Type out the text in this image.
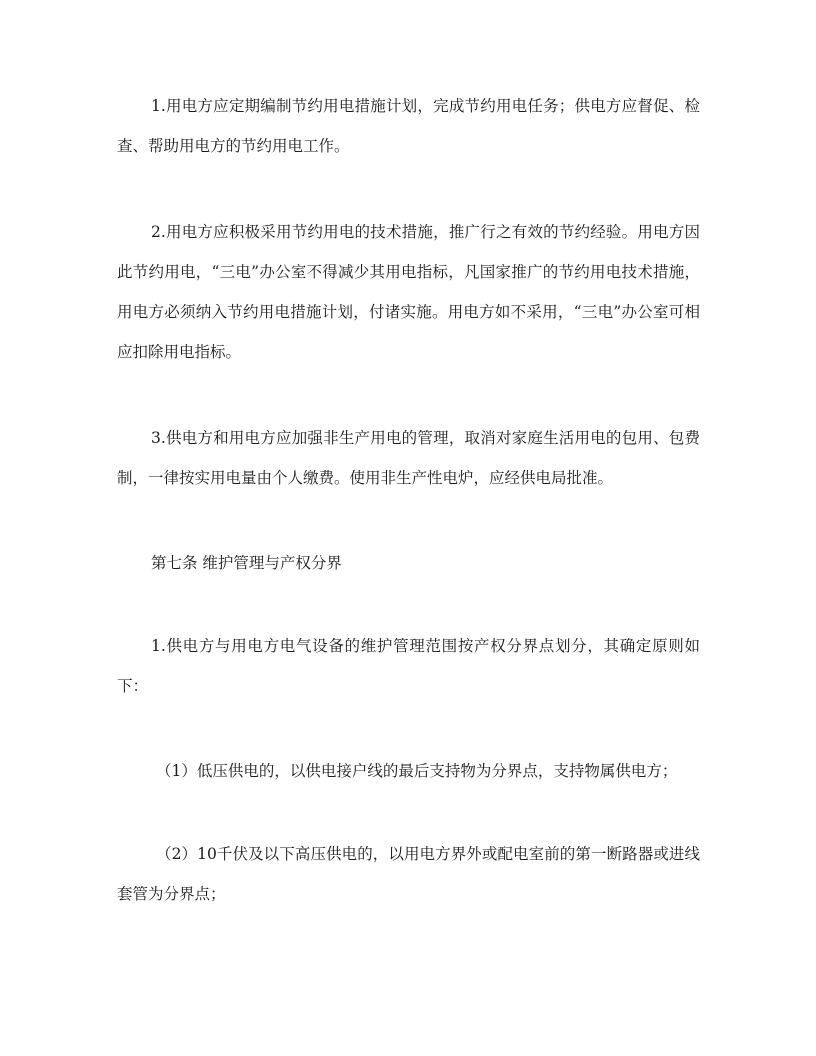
1.用电方应定期编制节约用电措施计划，完成节约用电任务；供电方应督促、检查、帮助用电方的节约用电工作。

2.用电方应积极采用节约用电的技术措施，推广行之有效的节约经验。用电方因此节约用电，“三电”办公室不得减少其用电指标，凡国家推广的节约用电技术措施，用电方必须纳入节约用电措施计划，付诸实施。用电方如不采用，“三电”办公室可相应扣除用电指标。

3.供电方和用电方应加强非生产用电的管理，取消对家庭生活用电的包用、包费制，一律按实用电量由个人缴费。使用非生产性电炉，应经供电局批准。

第七条 维护管理与产权分界

1.供电方与用电方电气设备的维护管理范围按产权分界点划分，其确定原则如下：

（1）低压供电的，以供电接户线的最后支持物为分界点，支持物属供电方；

（2）10千伏及以下高压供电的，以用电方界外或配电室前的第一断路器或进线套管为分界点；
